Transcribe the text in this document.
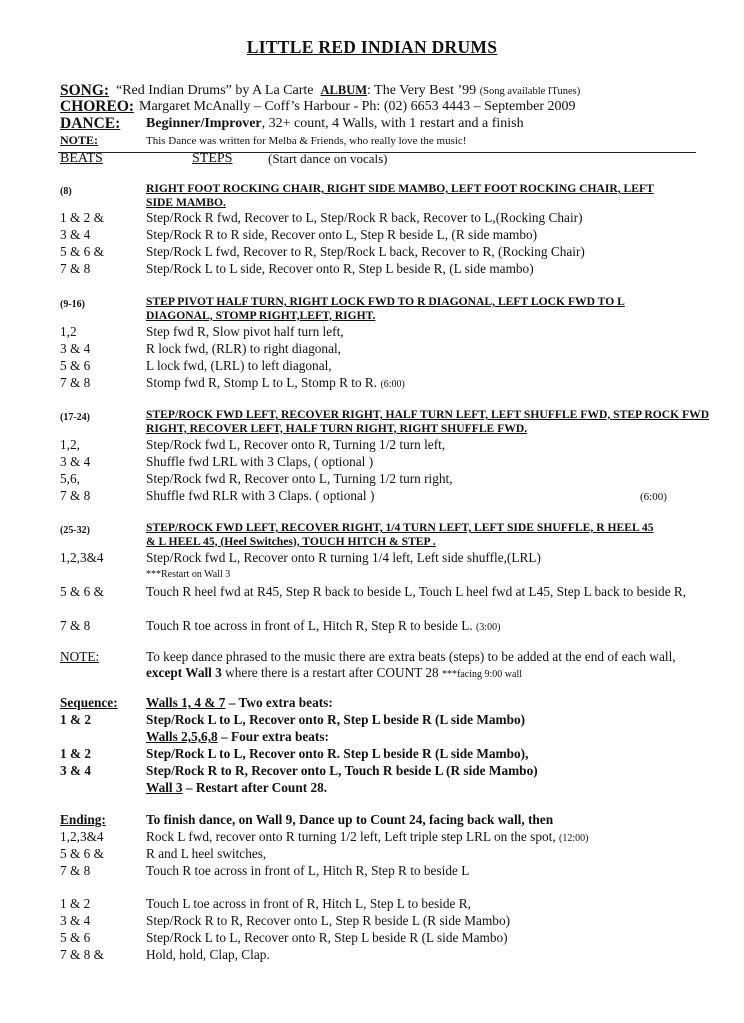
LITTLE RED INDIAN DRUMS
SONG: “Red Indian Drums” by A La Carte ALBUM: The Very Best ’99 (Song available ITunes)
CHOREO: Margaret McAnally – Coff’s Harbour - Ph: (02) 6653 4443 – September 2009
DANCE: Beginner/Improver, 32+ count, 4 Walls, with 1 restart and a finish
NOTE:	This Dance was written for Melba & Friends, who really love the music!
BEATS	STEPS	(Start dance on vocals)
(8)	RIGHT FOOT ROCKING CHAIR, RIGHT SIDE MAMBO, LEFT FOOT ROCKING CHAIR, LEFT SIDE MAMBO.
1 & 2 &	Step/Rock R fwd, Recover to L, Step/Rock R back, Recover to L,(Rocking Chair)
3 & 4	Step/Rock R to R side, Recover onto L, Step R beside L, (R side mambo)
5 & 6 &	Step/Rock L fwd, Recover to R, Step/Rock L back, Recover to R, (Rocking Chair)
7 & 8	Step/Rock L to L side, Recover onto R, Step L beside R, (L side mambo)
(9-16)	STEP PIVOT HALF TURN, RIGHT LOCK FWD TO R DIAGONAL, LEFT LOCK FWD TO L DIAGONAL, STOMP RIGHT,LEFT, RIGHT.
1,2	Step fwd R, Slow pivot half turn left,
3 & 4	R lock fwd, (RLR) to right diagonal,
5 & 6	L lock fwd, (LRL) to left diagonal,
7 & 8	Stomp fwd R, Stomp L to L, Stomp R to R. (6:00)
(17-24)	STEP/ROCK FWD LEFT, RECOVER RIGHT, HALF TURN LEFT, LEFT SHUFFLE FWD, STEP ROCK FWD RIGHT, RECOVER LEFT, HALF TURN RIGHT, RIGHT SHUFFLE FWD.
1,2,	Step/Rock fwd L, Recover onto R, Turning 1/2 turn left,
3 & 4	Shuffle fwd LRL with 3 Claps, ( optional )
5,6,	Step/Rock fwd R, Recover onto L, Turning 1/2 turn right,
7 & 8	Shuffle fwd RLR with 3 Claps. ( optional )	(6:00)
(25-32)	STEP/ROCK FWD LEFT, RECOVER RIGHT, 1/4 TURN LEFT, LEFT SIDE SHUFFLE, R HEEL 45 & L HEEL 45, (Heel Switches), TOUCH HITCH & STEP .
1,2,3&4	Step/Rock fwd L, Recover onto R turning 1/4 left, Left side shuffle,(LRL)
***Restart on Wall 3
5 & 6 &	Touch R heel fwd at R45, Step R back to beside L, Touch L heel fwd at L45, Step L back to beside R,
7 & 8	Touch R toe across in front of L, Hitch R, Step R to beside L. (3:00)
NOTE:	To keep dance phrased to the music there are extra beats (steps) to be added at the end of each wall, except Wall 3 where there is a restart after COUNT 28 ***facing 9:00 wall
Sequence: Walls 1, 4 & 7 – Two extra beats:
1 & 2	Step/Rock L to L, Recover onto R, Step L beside R (L side Mambo)
Walls 2,5,6,8 – Four extra beats:
1 & 2	Step/Rock L to L, Recover onto R. Step L beside R (L side Mambo),
3 & 4	Step/Rock R to R, Recover onto L, Touch R beside L (R side Mambo)
Wall 3 – Restart after Count 28.
Ending:	To finish dance, on Wall 9, Dance up to Count 24, facing back wall, then
1,2,3&4	Rock L fwd, recover onto R turning 1/2 left, Left triple step LRL on the spot, (12:00)
5 & 6 &	R and L heel switches,
7 & 8	Touch R toe across in front of L, Hitch R, Step R to beside L
1 & 2	Touch L toe across in front of R, Hitch L, Step L to beside R,
3 & 4	Step/Rock R to R, Recover onto L, Step R beside L (R side Mambo)
5 & 6	Step/Rock L to L, Recover onto R, Step L beside R (L side Mambo)
7 & 8 &	Hold, hold, Clap, Clap.
